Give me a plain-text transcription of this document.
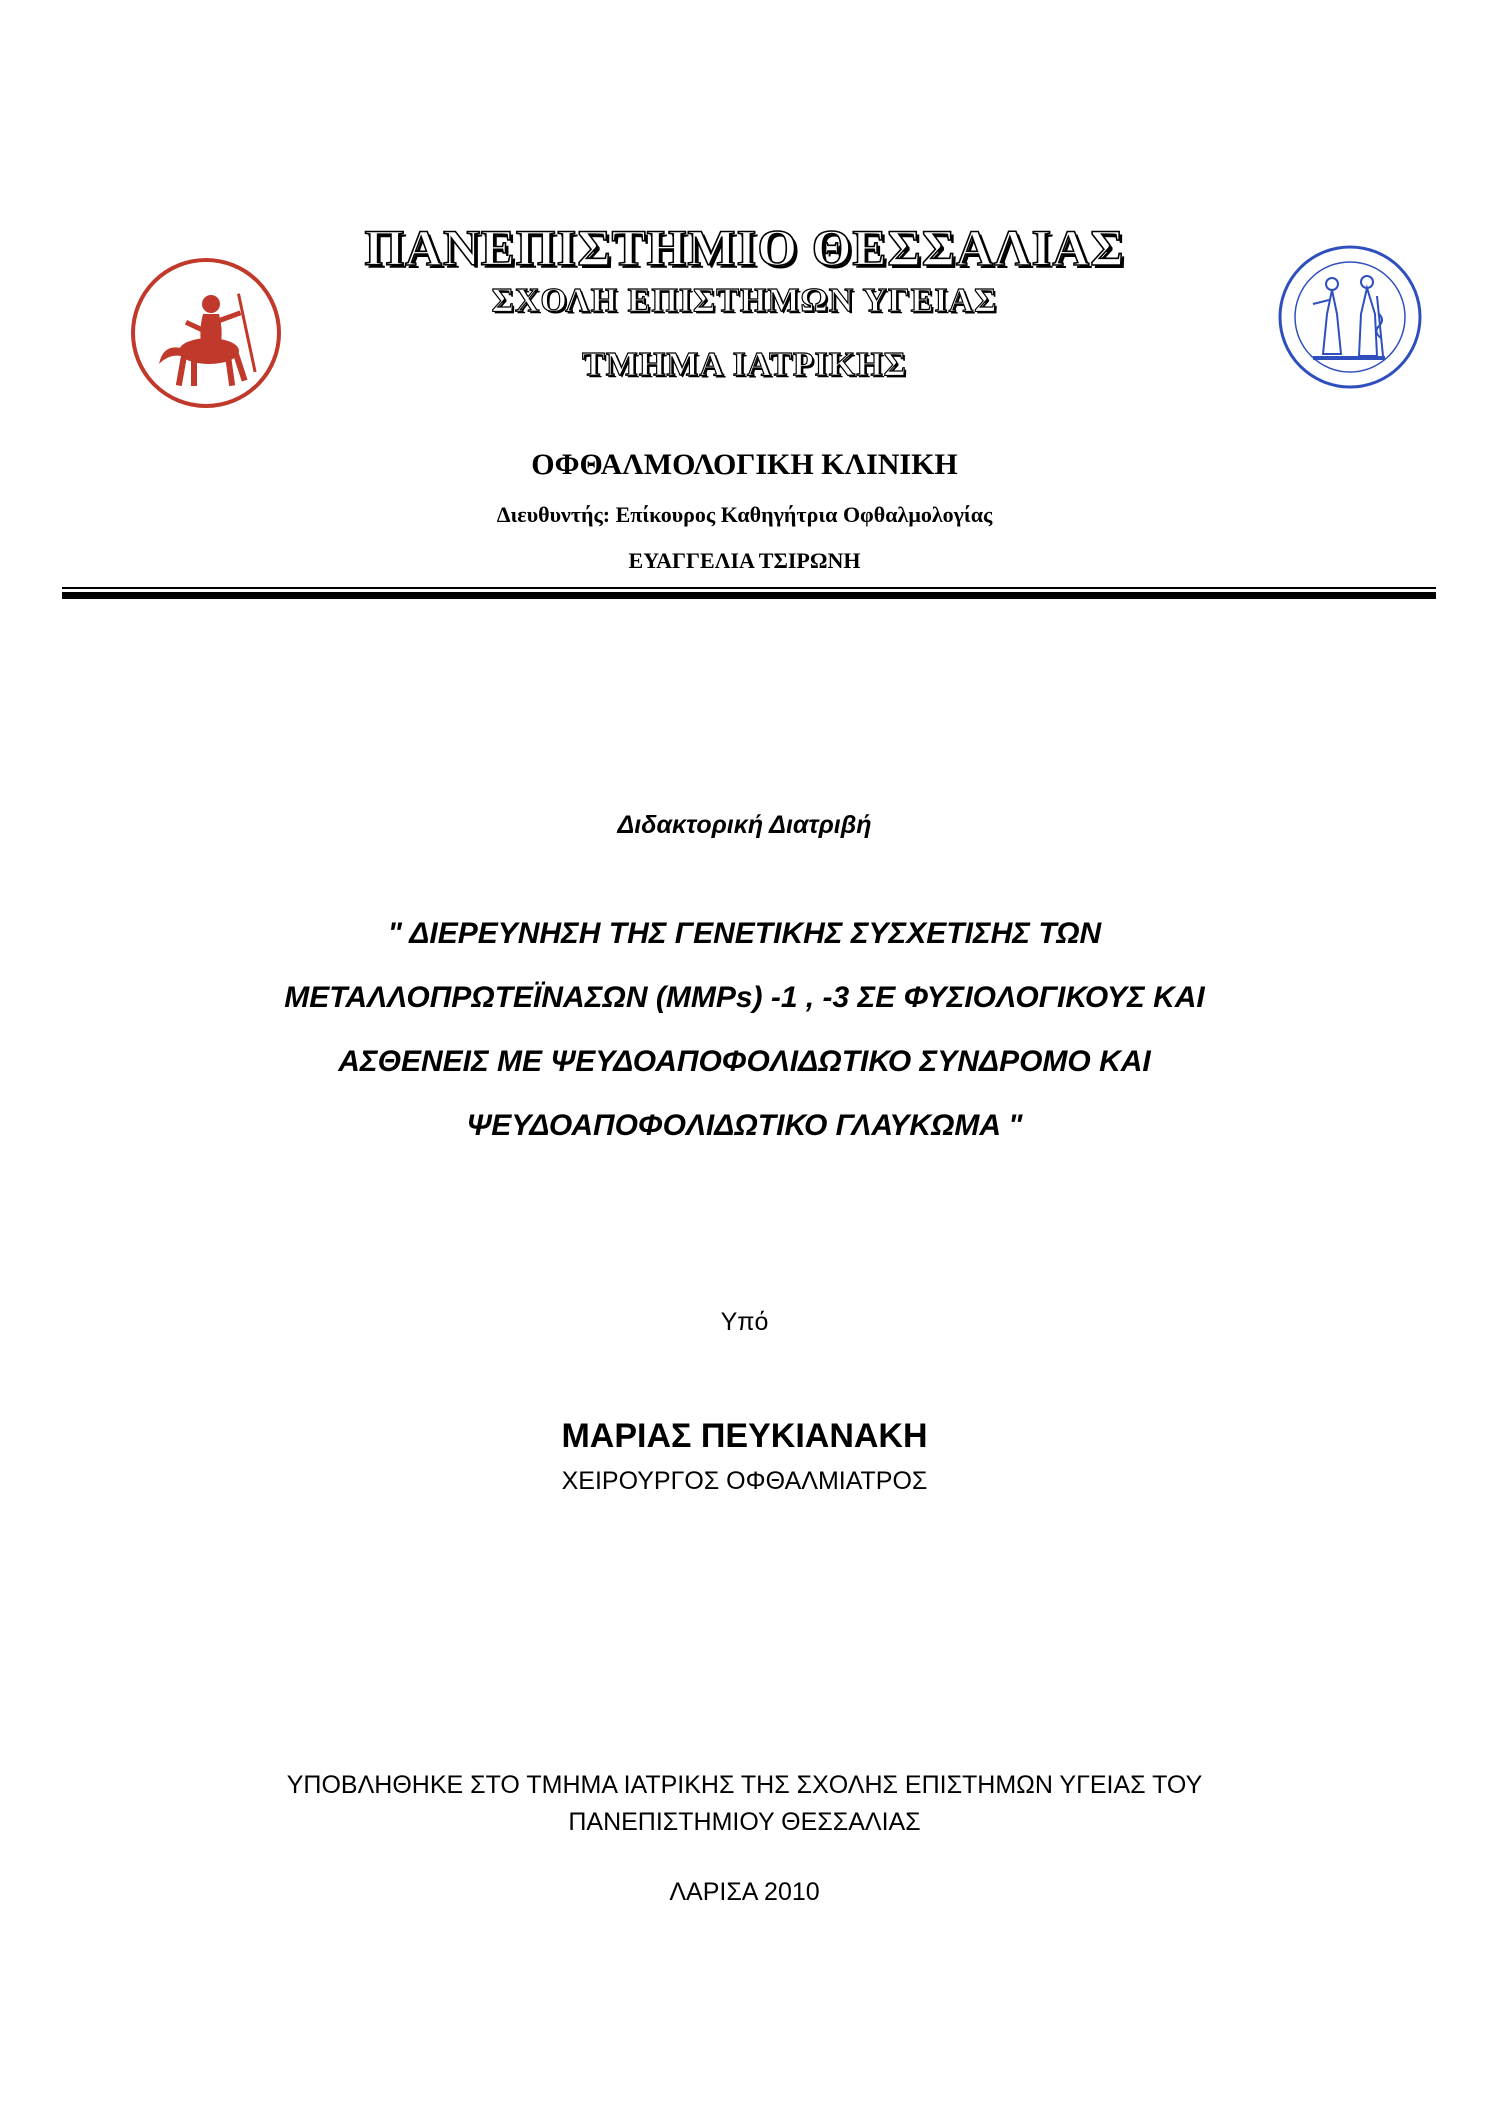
ΠΑΝΕΠΙΣΤΗΜΙΟ ΘΕΣΣΑΛΙΑΣ
ΣΧΟΛΗ ΕΠΙΣΤΗΜΩΝ ΥΓΕΙΑΣ
ΤΜΗΜΑ ΙΑΤΡΙΚΗΣ
ΟΦΘΑΛΜΟΛΟΓΙΚΗ ΚΛΙΝΙΚΗ
Διευθυντής: Επίκουρος Καθηγήτρια Οφθαλμολογίας
ΕΥΑΓΓΕΛΙΑ ΤΣΙΡΩΝΗ
Διδακτορική Διατριβή
" ΔΙΕΡΕΥΝΗΣΗ ΤΗΣ ΓΕΝΕΤΙΚΗΣ ΣΥΣΧΕΤΙΣΗΣ ΤΩΝ
ΜΕΤΑΛΛΟΠΡΩΤΕΪΝΑΣΩΝ (MMPs) -1 , -3 ΣΕ ΦΥΣΙΟΛΟΓΙΚΟΥΣ ΚΑΙ
ΑΣΘΕΝΕΙΣ ΜΕ ΨΕΥΔΟΑΠΟΦΟΛΙΔΩΤΙΚΟ ΣΥΝΔΡΟΜΟ ΚΑΙ
ΨΕΥΔΟΑΠΟΦΟΛΙΔΩΤΙΚΟ ΓΛΑΥΚΩΜΑ "
Υπό
ΜΑΡΙΑΣ ΠΕΥΚΙΑΝΑΚΗ
ΧΕΙΡΟΥΡΓΟΣ ΟΦΘΑΛΜΙΑΤΡΟΣ
ΥΠΟΒΛΗΘΗΚΕ ΣΤΟ ΤΜΗΜΑ ΙΑΤΡΙΚΗΣ ΤΗΣ ΣΧΟΛΗΣ ΕΠΙΣΤΗΜΩΝ ΥΓΕΙΑΣ ΤΟΥ
ΠΑΝΕΠΙΣΤΗΜΙΟΥ ΘΕΣΣΑΛΙΑΣ
ΛΑΡΙΣΑ 2010
